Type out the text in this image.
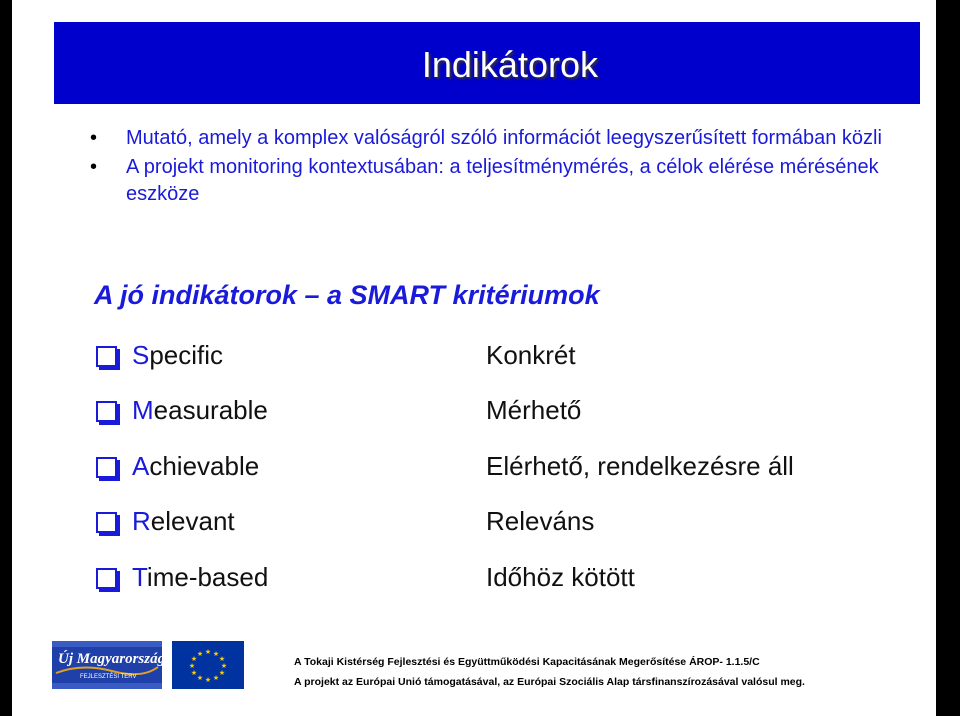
Indikátorok
• Mutató, amely a komplex valóságról szóló információt leegyszerűsített formában közli
• A projekt monitoring kontextusában: a teljesítménymérés, a célok elérése mérésének eszköze
A jó indikátorok – a SMART kritériumok
Specific	Konkrét
Measurable	Mérhető
Achievable	Elérhető, rendelkezésre áll
Relevant	Releváns
Time-based	Időhöz kötött
Új Magyarország
FEJLESZTÉSI TERV
★ ★
★
★
★
★
★
★
★
★
★
★
A Tokaji Kistérség Fejlesztési és Együttműködési Kapacitásának Megerősítése ÁROP- 1.1.5/C
A projekt az Európai Unió támogatásával, az Európai Szociális Alap társfinanszírozásával valósul meg.
